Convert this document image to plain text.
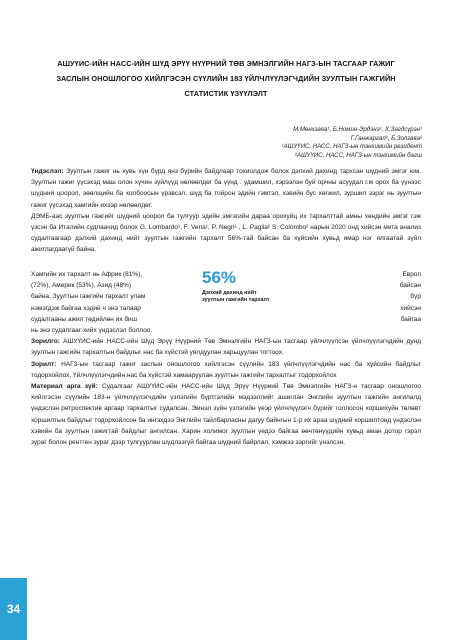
АШУҮИС-ИЙН НАСС-ИЙН ШҮД ЭРҮҮ НҮҮРНИЙ ТӨВ ЭМНЭЛГИЙН НАГЗ-ЫН ТАСГААР ГАЖИГ
ЗАСЛЫН ОНОШЛОГОО ХИЙЛГЭСЭН СҮҮЛИЙН 183 ҮЙЛЧЛҮҮЛЭГЧДИЙН ЗУУЛТЫН ГАЖГИЙН
СТАТИСТИК ҮЗҮҮЛЭЛТ
М.Мөнхзаяа¹, Б.Номин-Эрдэнэ¹, Х.Загдсүрэн¹
Г.Ганжаргал², Б.Золзаяа²
¹АШУҮИС, НАСС, НАГЗ-ын тэнхимийн резидент
²АШУҮИС, НАСС, НАГЗ-ын тэнхимийн багш

Үндэслэл: Зуултын гажиг нь хувь хүн бүрд янз бүрийн байдлаар тохиолдож болох дэлхий дахинд тархсан шүдний эмгэг юм. Зуултын гажиг үүсэхэд маш олон хүчин зүйлүүд нөлөөлдөг ба үүнд : удамшил, хэрээлэн буй орчны асуудал г.м орох ба үүнээс шүдний цоорол, эөөлщийн ба холбоосын үрэвсэл, шүд ба тойрон эдийн гэмтэл, хэвийн бус хөгжил, зуршил зэрэг нь зуултын гажиг үүсэхэд хамгийн ихээр нөлөөлдөг.

ДЭМБ-аас зуултын гажгийг шүдний цоорол ба тулгуур эдийн эмгэгийн дараа орохуйц их тархалттай амны хөндийн эмгэг гэж үзсэн ба Италийн судлаачид болох G. Lombardo¹, F. Vena¹, P. Negri¹ , L. Paglia² S. Colombo² нарын 2020 онд хийсэн мета анализ судалгаагаар дэлхий дахинд нийт зуултын гажгийн тархалт 56%-тай байсан ба хүйсийн хувьд ямар нэг ялгаатай зүйл ажиглагдаагүй байна.

Хамгийн их тархалт нь Африк (81%),
(72%), Америк (53%), Азид (48%)
байна. Зуултын гажгийн тархалт улам
нэмэгдэж байгаа хэдий ч энэ талаар
судалгааны ажил төдийлөн их биш
Европ
байсан
бүр
хийсэн
байгаа
56%
Дэлхий дахинд нийт
зуултын гажгийн тархалт

нь энэ судалгааг хийх үндэслэл боллоо.

Зорилго: АШУҮИС-ийн НАСС-ийн Шүд Эрүү Нүүрний Төв Эмнэлгийн НАГЗ-ын тасгаар үйлчлүүлсэн үйлчлүүлэгчдийн дунд зуултын гажгийн тархалтын байдлыг нас ба хүйстэй уялдуулан харьцуулан тогтоох.

Зорилт: НАГЗ-ын тасгаар гажиг заслын оношлогоо хийлгэсэн сүүлийн 183 үйлчлүүлэгчдийн нас ба хүйсийн байдлыг тодорхойлох, Үйлчлүүлэгчдийн нас ба хүйстэй хамааруулан зуултын гажгийн тархалтыг тодорхойлох

Материал арга зүй: Судалгааг АШУҮИС-ийн НАСС-ийн Шүд Эрүү Нүүрний Төв Эмнэлгийн НАГЗ-н тасгаар оношлогоо хийлгэсэн сүүлийн 183-н үйлчлүүлэгчдийн үзлэгийн бүртгэлийн мэдээллийг ашиглан Энглийн зуултын гажгийн ангилалд үндэслэн ретроспектив аргаар тархалтыг судалсан. Эмнэл зүйн үзлэгийн үеэр үйлчлүүлэгч бүрийг голлосон хоршихуйн төлөвт хоршилтын байдлыг тодорхойлсон ба ингэхдээ Энглийн тайлбарласны дагуу байнгын 1-р их араа шүдний хоршилтонд үндэслэн хэвийн ба зуултын гажигтай байдлыг ангилсан. Харин холимог зуултын үедээ байгаа өөчтөнүүдийн хувьд аман дотор гэрэл зураг болон рентген зураг дээр тулгуурлан шүдлээгүй байгаа шүдний байрлал, хэмжээ зэргийг үнэлсэн.

34
